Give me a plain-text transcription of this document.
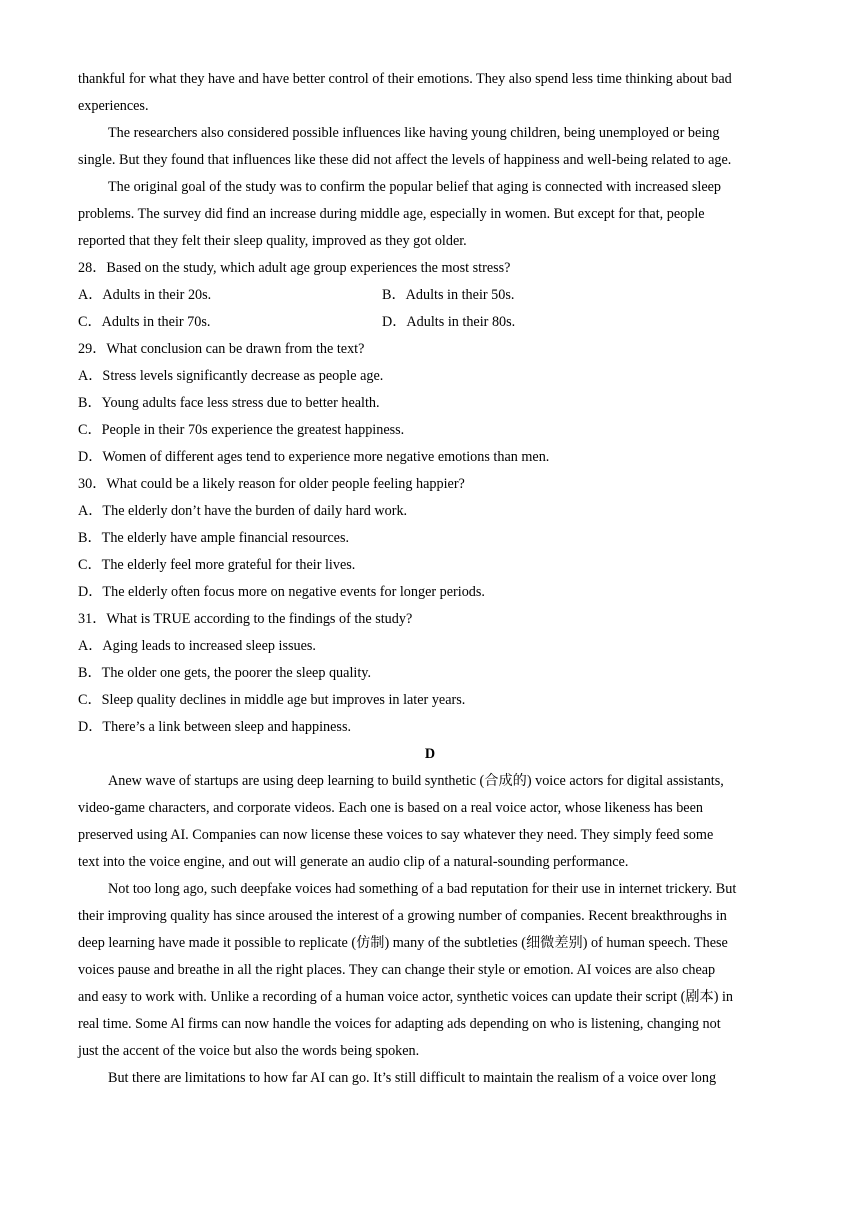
thankful for what they have and have better control of their emotions. They also spend less time thinking about bad
experiences.
The researchers also considered possible influences like having young children, being unemployed or being
single. But they found that influences like these did not affect the levels of happiness and well-being related to age.
The original goal of the study was to confirm the popular belief that aging is connected with increased sleep
problems. The survey did find an increase during middle age, especially in women. But except for that, people
reported that they felt their sleep quality, improved as they got older.
28．Based on the study, which adult age group experiences the most stress?
A．Adults in their 20s.	B．Adults in their 50s.
C．Adults in their 70s.	D．Adults in their 80s.
29．What conclusion can be drawn from the text?
A．Stress levels significantly decrease as people age.
B．Young adults face less stress due to better health.
C．People in their 70s experience the greatest happiness.
D．Women of different ages tend to experience more negative emotions than men.
30．What could be a likely reason for older people feeling happier?
A．The elderly don’t have the burden of daily hard work.
B．The elderly have ample financial resources.
C．The elderly feel more grateful for their lives.
D．The elderly often focus more on negative events for longer periods.
31．What is TRUE according to the findings of the study?
A．Aging leads to increased sleep issues.
B．The older one gets, the poorer the sleep quality.
C．Sleep quality declines in middle age but improves in later years.
D．There’s a link between sleep and happiness.
D
Anew wave of startups are using deep learning to build synthetic (合成的) voice actors for digital assistants,
video-game characters, and corporate videos. Each one is based on a real voice actor, whose likeness has been
preserved using AI. Companies can now license these voices to say whatever they need. They simply feed some
text into the voice engine, and out will generate an audio clip of a natural-sounding performance.
Not too long ago, such deepfake voices had something of a bad reputation for their use in internet trickery. But
their improving quality has since aroused the interest of a growing number of companies. Recent breakthroughs in
deep learning have made it possible to replicate (仿制) many of the subtleties (细微差别) of human speech. These
voices pause and breathe in all the right places. They can change their style or emotion. AI voices are also cheap
and easy to work with. Unlike a recording of a human voice actor, synthetic voices can update their script (剧本) in
real time. Some Al firms can now handle the voices for adapting ads depending on who is listening, changing not
just the accent of the voice but also the words being spoken.
But there are limitations to how far AI can go. It’s still difficult to maintain the realism of a voice over long
